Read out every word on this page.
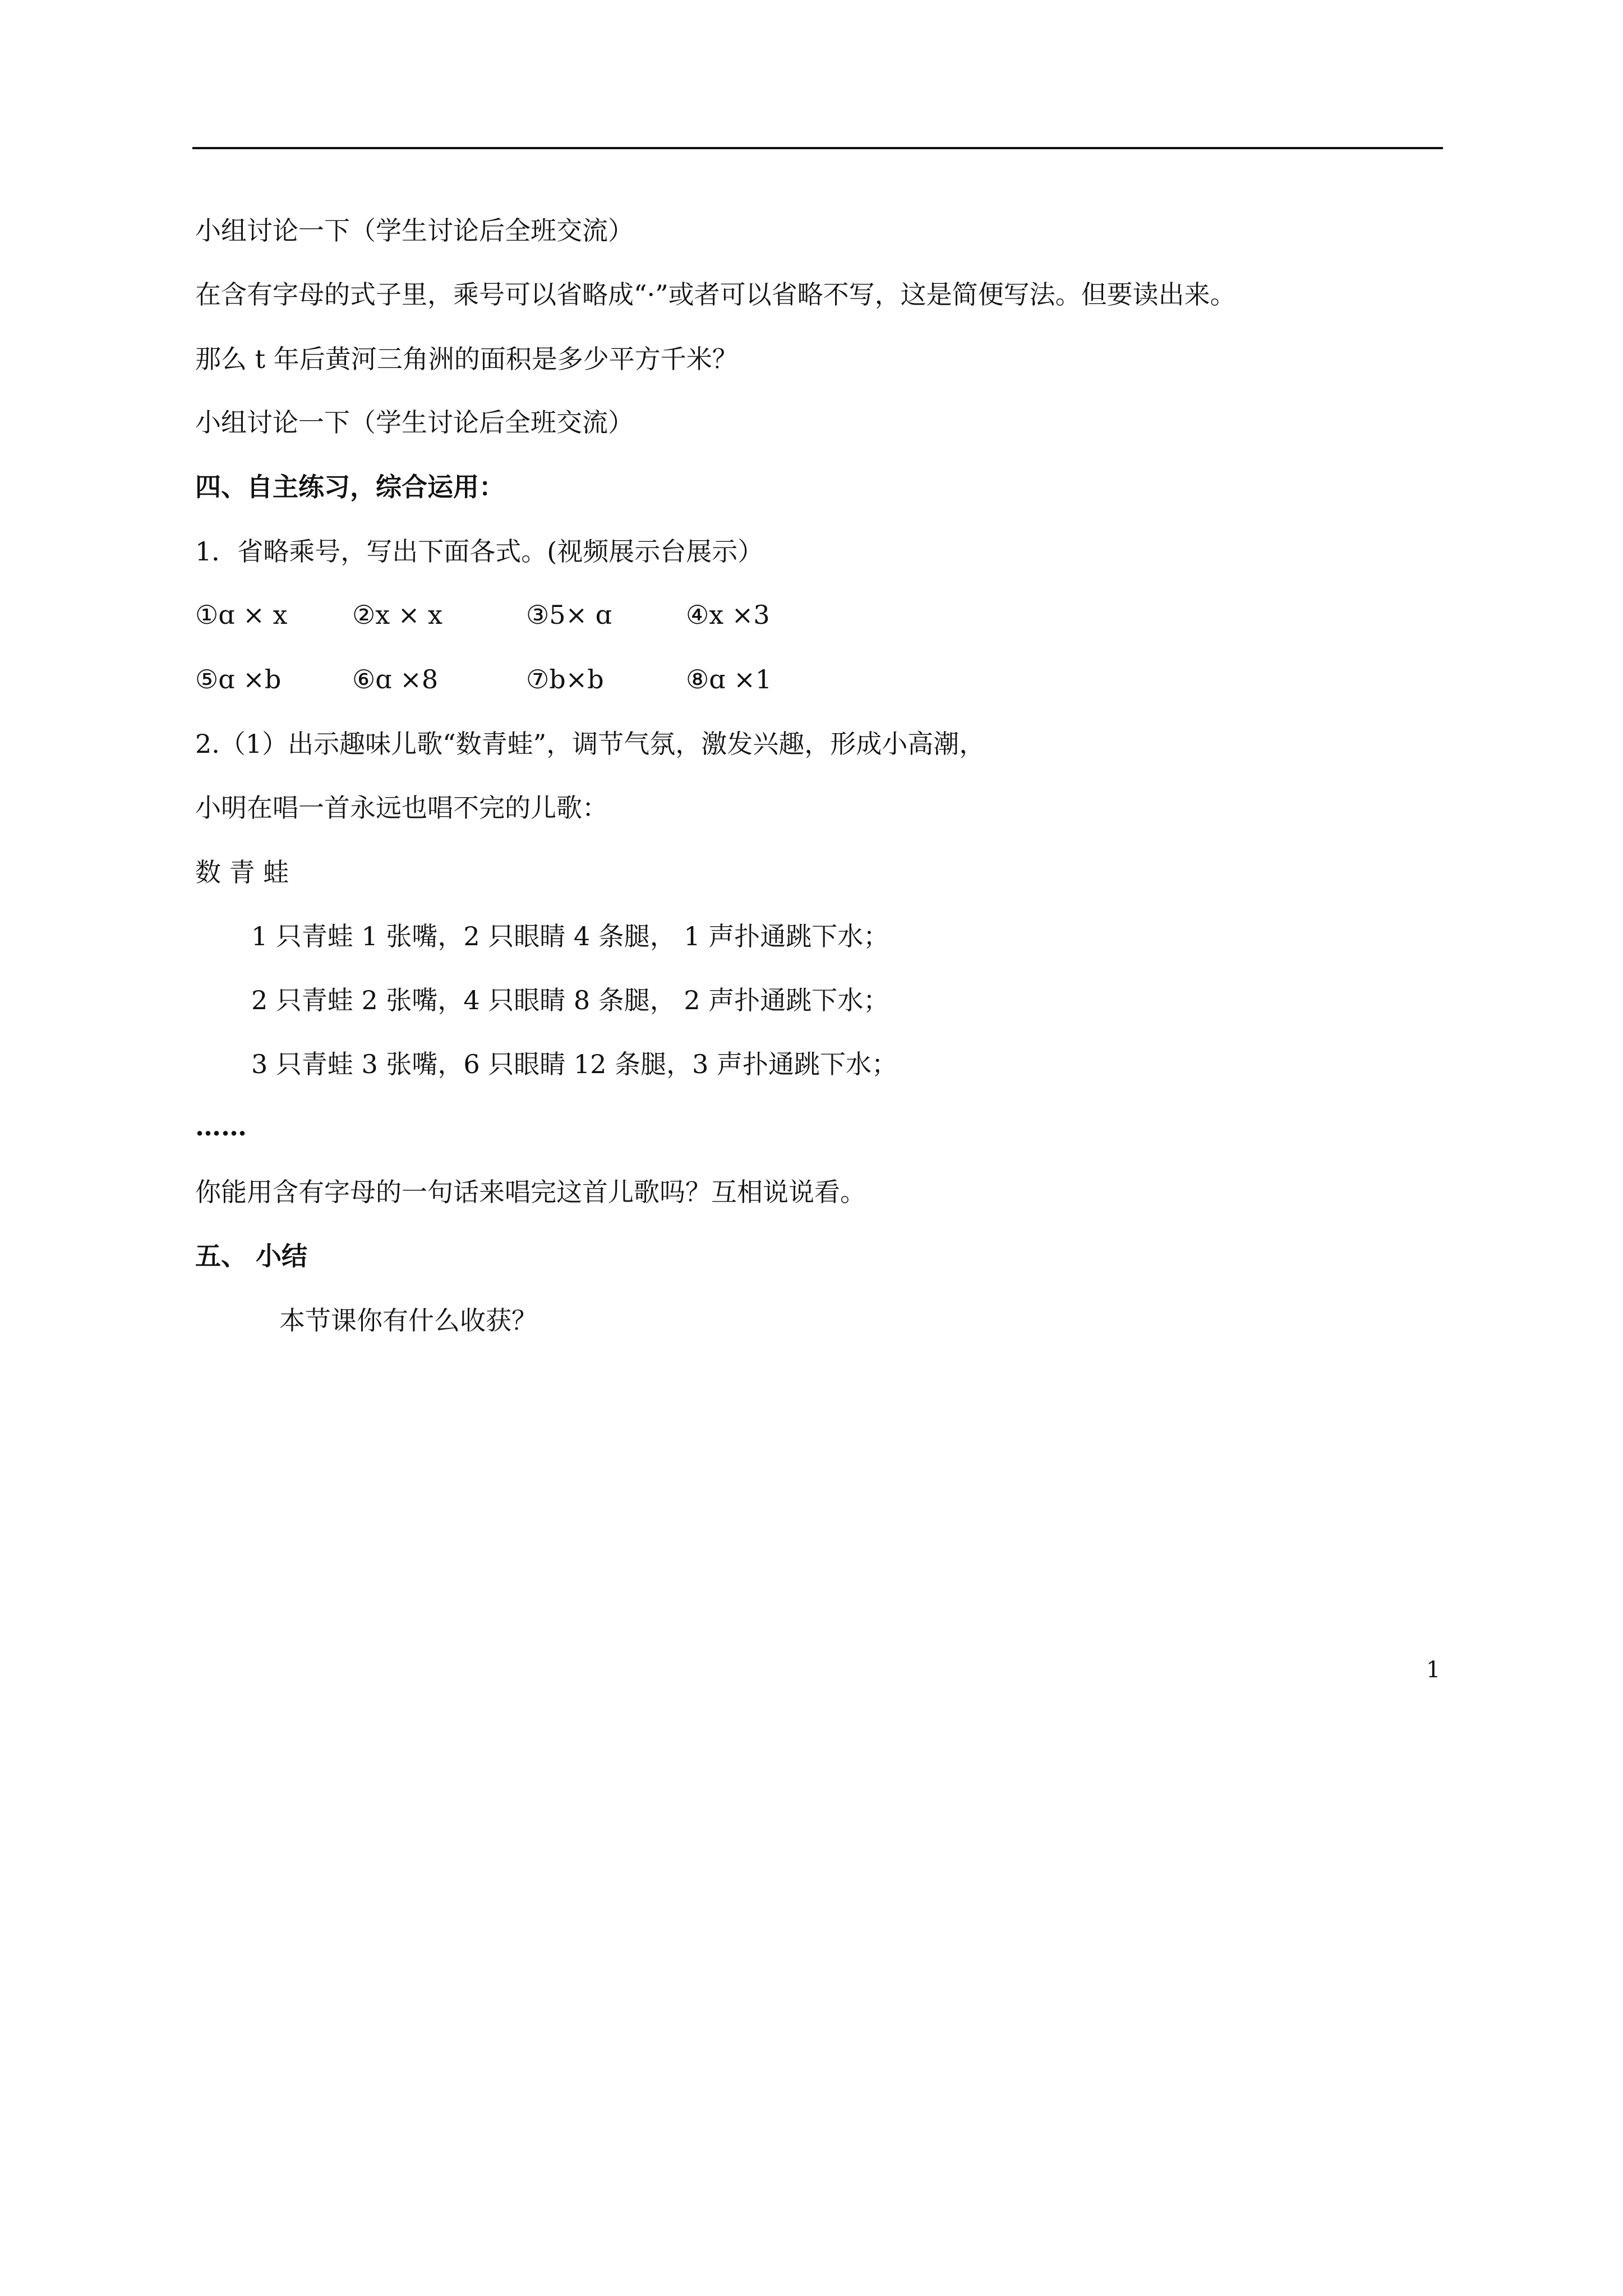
小组讨论一下（学生讨论后全班交流）
在含有字母的式子里，乘号可以省略成“·”或者可以省略不写，这是简便写法。但要读出来。
那么 t 年后黄河三角洲的面积是多少平方千米？
小组讨论一下（学生讨论后全班交流）
四、自主练习，综合运用：
1．省略乘号，写出下面各式。(视频展示台展示）
①ɑ × x	②x × x	③5× ɑ	④x ×3
⑤ɑ ×b	⑥ɑ ×8	⑦b×b	⑧ɑ ×1
2.（1）出示趣味儿歌“数青蛙”，调节气氛，激发兴趣，形成小高潮，
小明在唱一首永远也唱不完的儿歌：
数 青 蛙
1 只青蛙 1 张嘴，2 只眼睛 4 条腿， 1 声扑通跳下水；
2 只青蛙 2 张嘴，4 只眼睛 8 条腿， 2 声扑通跳下水；
3 只青蛙 3 张嘴，6 只眼睛 12 条腿，3 声扑通跳下水；
……
你能用含有字母的一句话来唱完这首儿歌吗？互相说说看。
五、 小结
本节课你有什么收获？
1
